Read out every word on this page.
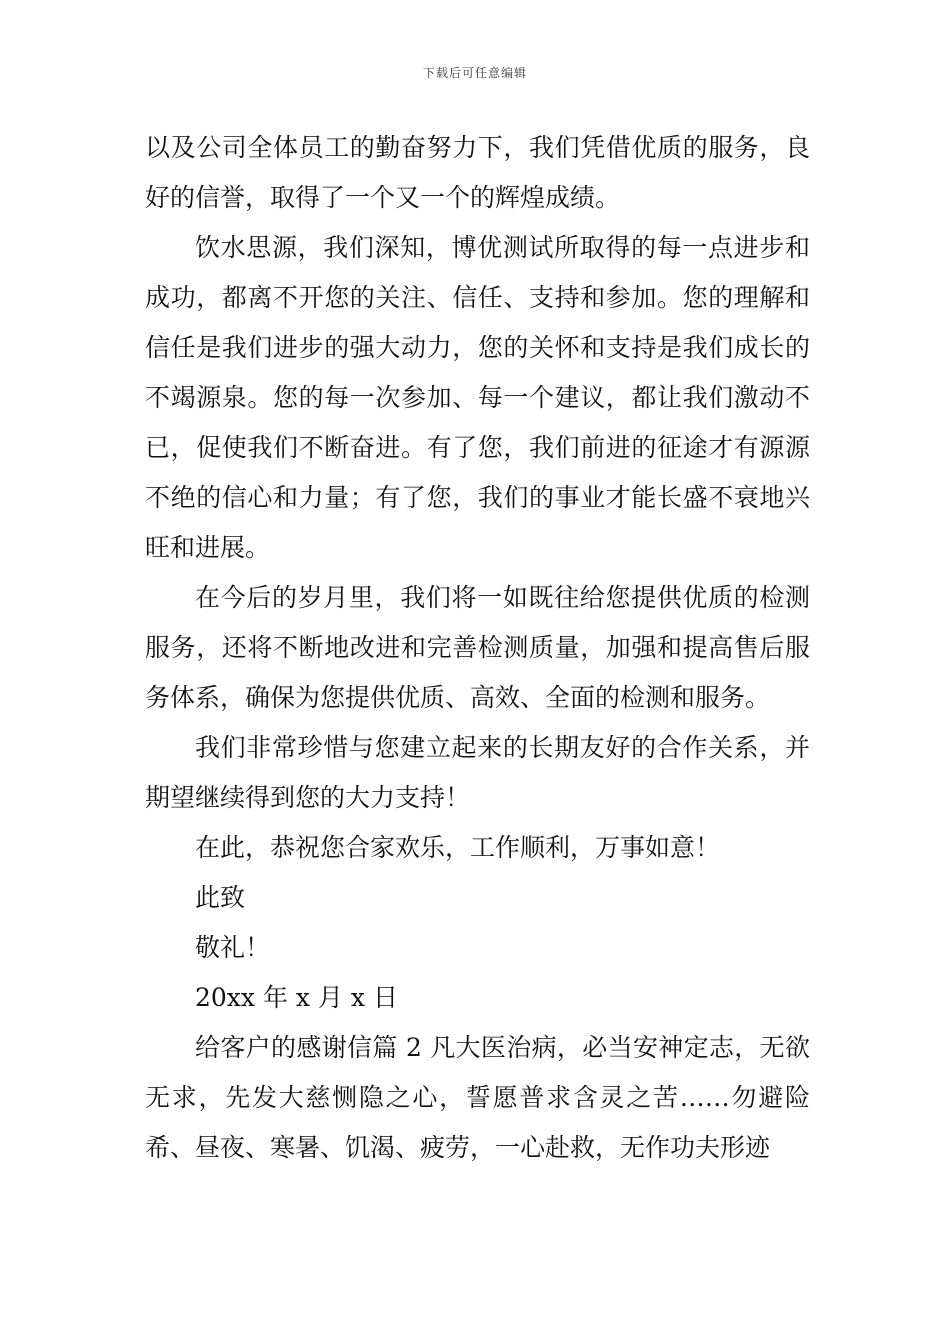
下载后可任意编辑

以及公司全体员工的勤奋努力下，我们凭借优质的服务，良好的信誉，取得了一个又一个的辉煌成绩。

饮水思源，我们深知，博优测试所取得的每一点进步和成功，都离不开您的关注、信任、支持和参加。您的理解和信任是我们进步的强大动力，您的关怀和支持是我们成长的不竭源泉。您的每一次参加、每一个建议，都让我们激动不已，促使我们不断奋进。有了您，我们前进的征途才有源源不绝的信心和力量；有了您，我们的事业才能长盛不衰地兴旺和进展。

在今后的岁月里，我们将一如既往给您提供优质的检测服务，还将不断地改进和完善检测质量，加强和提高售后服务体系，确保为您提供优质、高效、全面的检测和服务。

我们非常珍惜与您建立起来的长期友好的合作关系，并期望继续得到您的大力支持！

在此，恭祝您合家欢乐，工作顺利，万事如意！

此致

敬礼！

20xx 年 x 月 x 日

给客户的感谢信篇 2 凡大医治病，必当安神定志，无欲无求，先发大慈恻隐之心，誓愿普求含灵之苦……勿避险希、昼夜、寒暑、饥渴、疲劳，一心赴救，无作功夫形迹
